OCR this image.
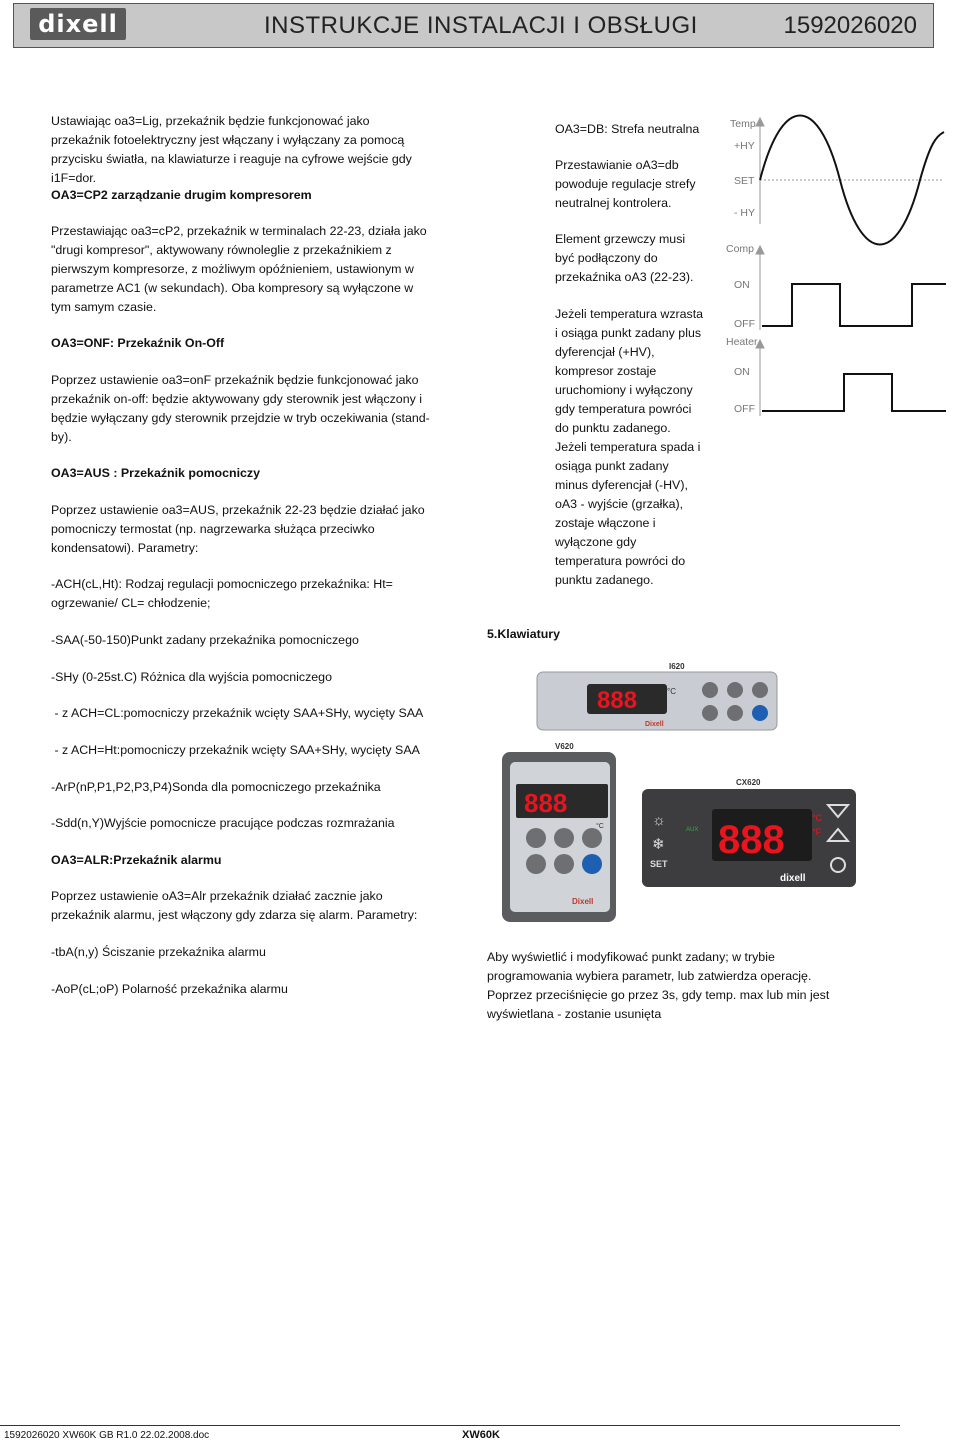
dixell	INSTRUKCJE INSTALACJI I OBSŁUGI	1592026020

Ustawiając oa3=Lig, przekaźnik będzie funkcjonować jako przekaźnik fotoelektryczny jest włączany i wyłączany za pomocą przycisku światła, na klawiaturze i reaguje na cyfrowe wejście gdy i1F=dor.

OA3=CP2 zarządzanie drugim kompresorem

Przestawiając oa3=cP2, przekaźnik w terminalach 22-23, działa jako "drugi kompresor", aktywowany równoleglie z przekaźnikiem z pierwszym kompresorze, z możliwym opóźnieniem, ustawionym w parametrze AC1 (w sekundach). Oba kompresory są wyłączone w tym samym czasie.

OA3=ONF: Przekaźnik On-Off

Poprzez ustawienie oa3=onF przekaźnik będzie funkcjonować jako przekaźnik on-off: będzie aktywowany gdy sterownik jest włączony i będzie wyłączany gdy sterownik przejdzie w tryb oczekiwania (stand-by).

OA3=AUS : Przekaźnik pomocniczy

Poprzez ustawienie oa3=AUS, przekaźnik 22-23 będzie działać jako pomocniczy termostat (np. nagrzewarka służąca przeciwko kondensatowi). Parametry:

-ACH(cL,Ht): Rodzaj regulacji pomocniczego przekaźnika: Ht= ogrzewanie/ CL= chłodzenie;

-SAA(-50-150)Punkt zadany przekaźnika pomocniczego

-SHy (0-25st.C) Różnica dla wyjścia pomocniczego

- z ACH=CL:pomocniczy przekaźnik wcięty SAA+SHy, wycięty SAA

- z ACH=Ht:pomocniczy przekaźnik wcięty SAA+SHy, wycięty SAA

-ArP(nP,P1,P2,P3,P4)Sonda dla pomocniczego przekaźnika

-Sdd(n,Y)Wyjście pomocnicze pracujące podczas rozmrażania

OA3=ALR:Przekaźnik alarmu

Poprzez ustawienie oA3=Alr przekaźnik działać zacznie jako przekaźnik alarmu, jest włączony gdy zdarza się alarm. Parametry:

-tbA(n,y) Ściszanie przekaźnika alarmu

-AoP(cL;oP) Polarność przekaźnika alarmu

OA3=DB: Strefa neutralna

Przestawianie oA3=db powoduje regulacje strefy neutralnej kontrolera.

Element grzewczy musi być podłączony do przekaźnika oA3 (22-23).

Jeżeli temperatura wzrasta i osiąga punkt zadany plus dyferencjał (+HV), kompresor zostaje uruchomiony i wyłączony gdy temperatura powróci do punktu zadanego. Jeżeli temperatura spada i osiąga punkt zadany minus dyferencjał (-HV), oA3 - wyjście (grzałka), zostaje włączone i wyłączone gdy temperatura powróci do punktu zadanego.

Temp
+HY
SET
- HY
Comp
ON
OFF
Heater
ON
OFF

5.Klawiatury

I620
888	°C
Dixell
V620
888
°C
Dixell
CX620
☼
❄
SET
AUX 888	°C
°F
dixell

Aby wyświetlić i modyfikować punkt zadany; w trybie programowania wybiera parametr, lub zatwierdza operację. Poprzez przeciśnięcie go przez 3s, gdy temp. max lub min jest wyświetlana - zostanie usunięta

1592026020 XW60K GB R1.0 22.02.2008.doc	XW60K
